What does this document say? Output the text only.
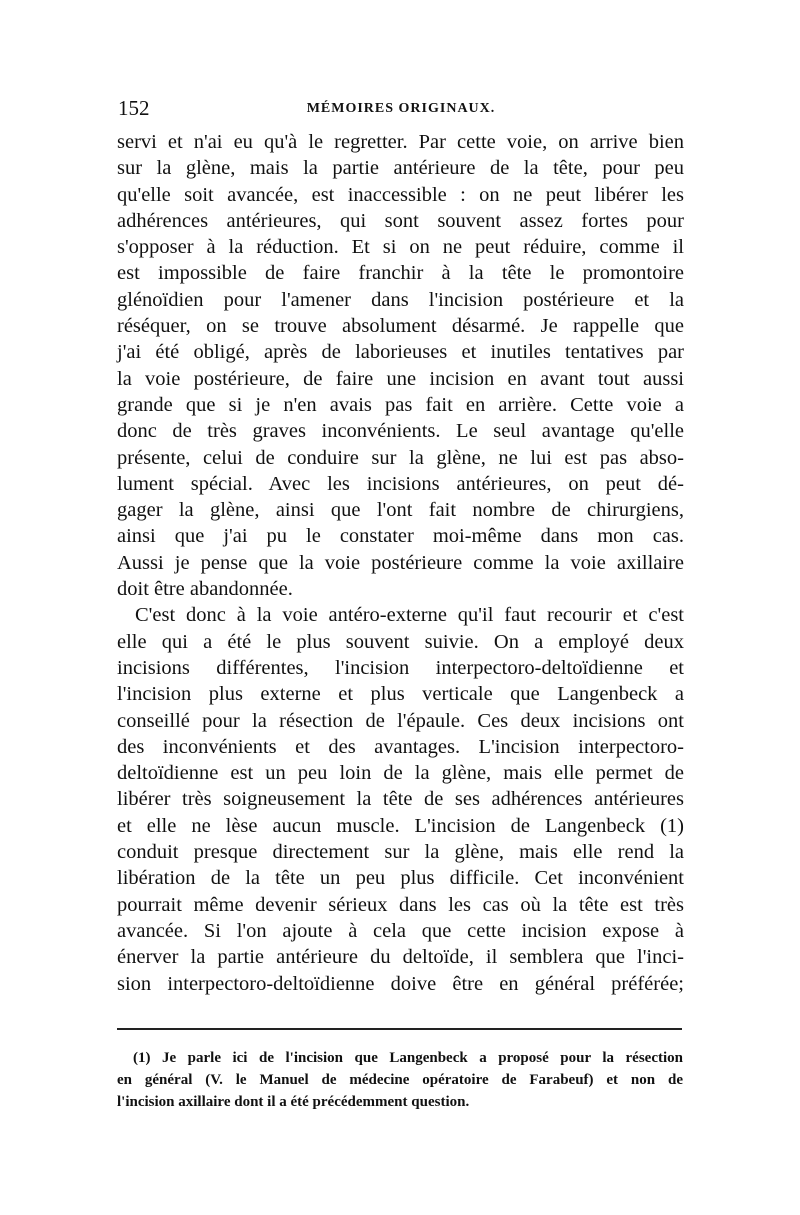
152	MÉMOIRES ORIGINAUX.
servi et n'ai eu qu'à le regretter. Par cette voie, on arrive bien
sur la glène, mais la partie antérieure de la tête, pour peu
qu'elle soit avancée, est inaccessible : on ne peut libérer les
adhérences antérieures, qui sont souvent assez fortes pour
s'opposer à la réduction. Et si on ne peut réduire, comme il
est impossible de faire franchir à la tête le promontoire
glénoïdien pour l'amener dans l'incision postérieure et la
réséquer, on se trouve absolument désarmé. Je rappelle que
j'ai été obligé, après de laborieuses et inutiles tentatives par
la voie postérieure, de faire une incision en avant tout aussi
grande que si je n'en avais pas fait en arrière. Cette voie a
donc de très graves inconvénients. Le seul avantage qu'elle
présente, celui de conduire sur la glène, ne lui est pas abso-
lument spécial. Avec les incisions antérieures, on peut dé-
gager la glène, ainsi que l'ont fait nombre de chirurgiens,
ainsi que j'ai pu le constater moi-même dans mon cas.
Aussi je pense que la voie postérieure comme la voie axillaire
doit être abandonnée.
C'est donc à la voie antéro-externe qu'il faut recourir et c'est
elle qui a été le plus souvent suivie. On a employé deux
incisions différentes, l'incision interpectoro-deltoïdienne et
l'incision plus externe et plus verticale que Langenbeck a
conseillé pour la résection de l'épaule. Ces deux incisions ont
des inconvénients et des avantages. L'incision interpectoro-
deltoïdienne est un peu loin de la glène, mais elle permet de
libérer très soigneusement la tête de ses adhérences antérieures
et elle ne lèse aucun muscle. L'incision de Langenbeck (1)
conduit presque directement sur la glène, mais elle rend la
libération de la tête un peu plus difficile. Cet inconvénient
pourrait même devenir sérieux dans les cas où la tête est très
avancée. Si l'on ajoute à cela que cette incision expose à
énerver la partie antérieure du deltoïde, il semblera que l'inci-
sion interpectoro-deltoïdienne doive être en général préférée;
(1) Je parle ici de l'incision que Langenbeck a proposé pour la résection
en général (V. le Manuel de médecine opératoire de Farabeuf) et non de
l'incision axillaire dont il a été précédemment question.
